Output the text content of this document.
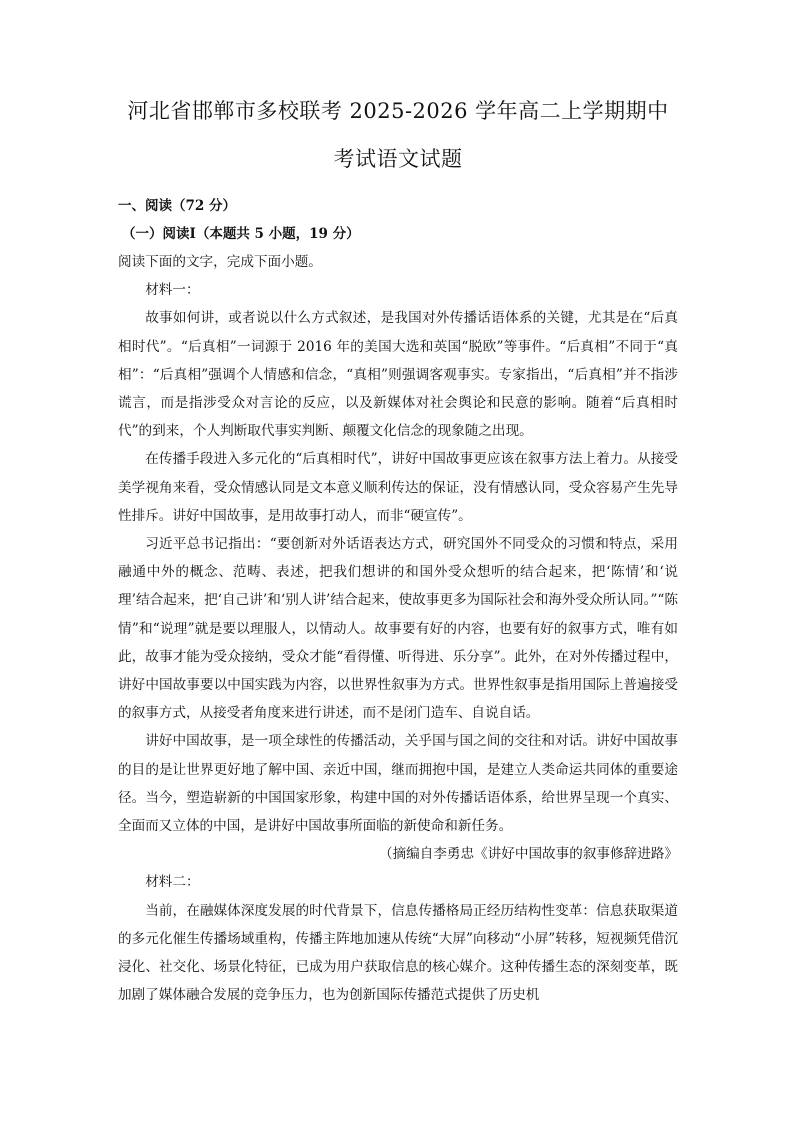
河北省邯郸市多校联考 2025-2026 学年高二上学期期中
考试语文试题

一、阅读（72 分）

（一）阅读Ⅰ（本题共 5 小题，19 分）

阅读下面的文字，完成下面小题。

材料一：

故事如何讲，或者说以什么方式叙述，是我国对外传播话语体系的关键，尤其是在“后真相时代”。“后真相”一词源于 2016 年的美国大选和英国“脱欧”等事件。“后真相”不同于“真相”：“后真相”强调个人情感和信念，“真相”则强调客观事实。专家指出，“后真相”并不指涉谎言，而是指涉受众对言论的反应，以及新媒体对社会舆论和民意的影响。随着“后真相时代”的到来，个人判断取代事实判断、颠覆文化信念的现象随之出现。

在传播手段进入多元化的“后真相时代”，讲好中国故事更应该在叙事方法上着力。从接受美学视角来看，受众情感认同是文本意义顺利传达的保证，没有情感认同，受众容易产生先导性排斥。讲好中国故事，是用故事打动人，而非“硬宣传”。

习近平总书记指出：“要创新对外话语表达方式，研究国外不同受众的习惯和特点，采用融通中外的概念、范畴、表述，把我们想讲的和国外受众想听的结合起来，把‘陈情’和‘说理’结合起来，把‘自己讲’和‘别人讲’结合起来，使故事更多为国际社会和海外受众所认同。”“陈情”和“说理”就是要以理服人，以情动人。故事要有好的内容，也要有好的叙事方式，唯有如此，故事才能为受众接纳，受众才能“看得懂、听得进、乐分享”。此外，在对外传播过程中，讲好中国故事要以中国实践为内容，以世界性叙事为方式。世界性叙事是指用国际上普遍接受的叙事方式，从接受者角度来进行讲述，而不是闭门造车、自说自话。

讲好中国故事，是一项全球性的传播活动，关乎国与国之间的交往和对话。讲好中国故事的目的是让世界更好地了解中国、亲近中国，继而拥抱中国，是建立人类命运共同体的重要途径。当今，塑造崭新的中国国家形象，构建中国的对外传播话语体系，给世界呈现一个真实、全面而又立体的中国，是讲好中国故事所面临的新使命和新任务。

（摘编自李勇忠《讲好中国故事的叙事修辞进路》

材料二：

当前，在融媒体深度发展的时代背景下，信息传播格局正经历结构性变革：信息获取渠道的多元化催生传播场域重构，传播主阵地加速从传统“大屏”向移动“小屏”转移，短视频凭借沉浸化、社交化、场景化特征，已成为用户获取信息的核心媒介。这种传播生态的深刻变革，既加剧了媒体融合发展的竞争压力，也为创新国际传播范式提供了历史机
